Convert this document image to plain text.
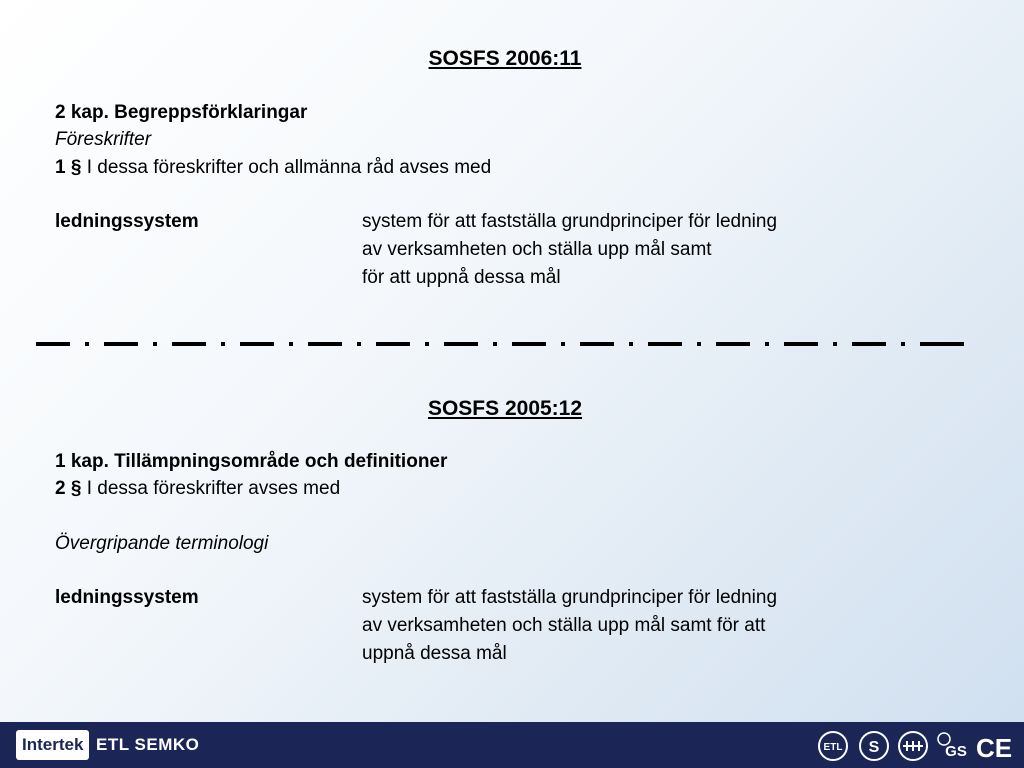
SOSFS 2006:11
2 kap. Begreppsförklaringar
Föreskrifter
1 § I dessa föreskrifter och allmänna råd avses med
ledningssystem	system för att fastställa grundprinciper för ledning
av verksamheten och ställa upp mål samt
för att uppnå dessa mål
SOSFS 2005:12
1 kap. Tillämpningsområde och definitioner
2 § I dessa föreskrifter avses med
Övergripande terminologi
ledningssystem	system för att fastställa grundprinciper för ledning
av verksamheten och ställa upp mål samt för att
uppnå dessa mål
Intertek ETL SEMKO	ETL S	GS CE
